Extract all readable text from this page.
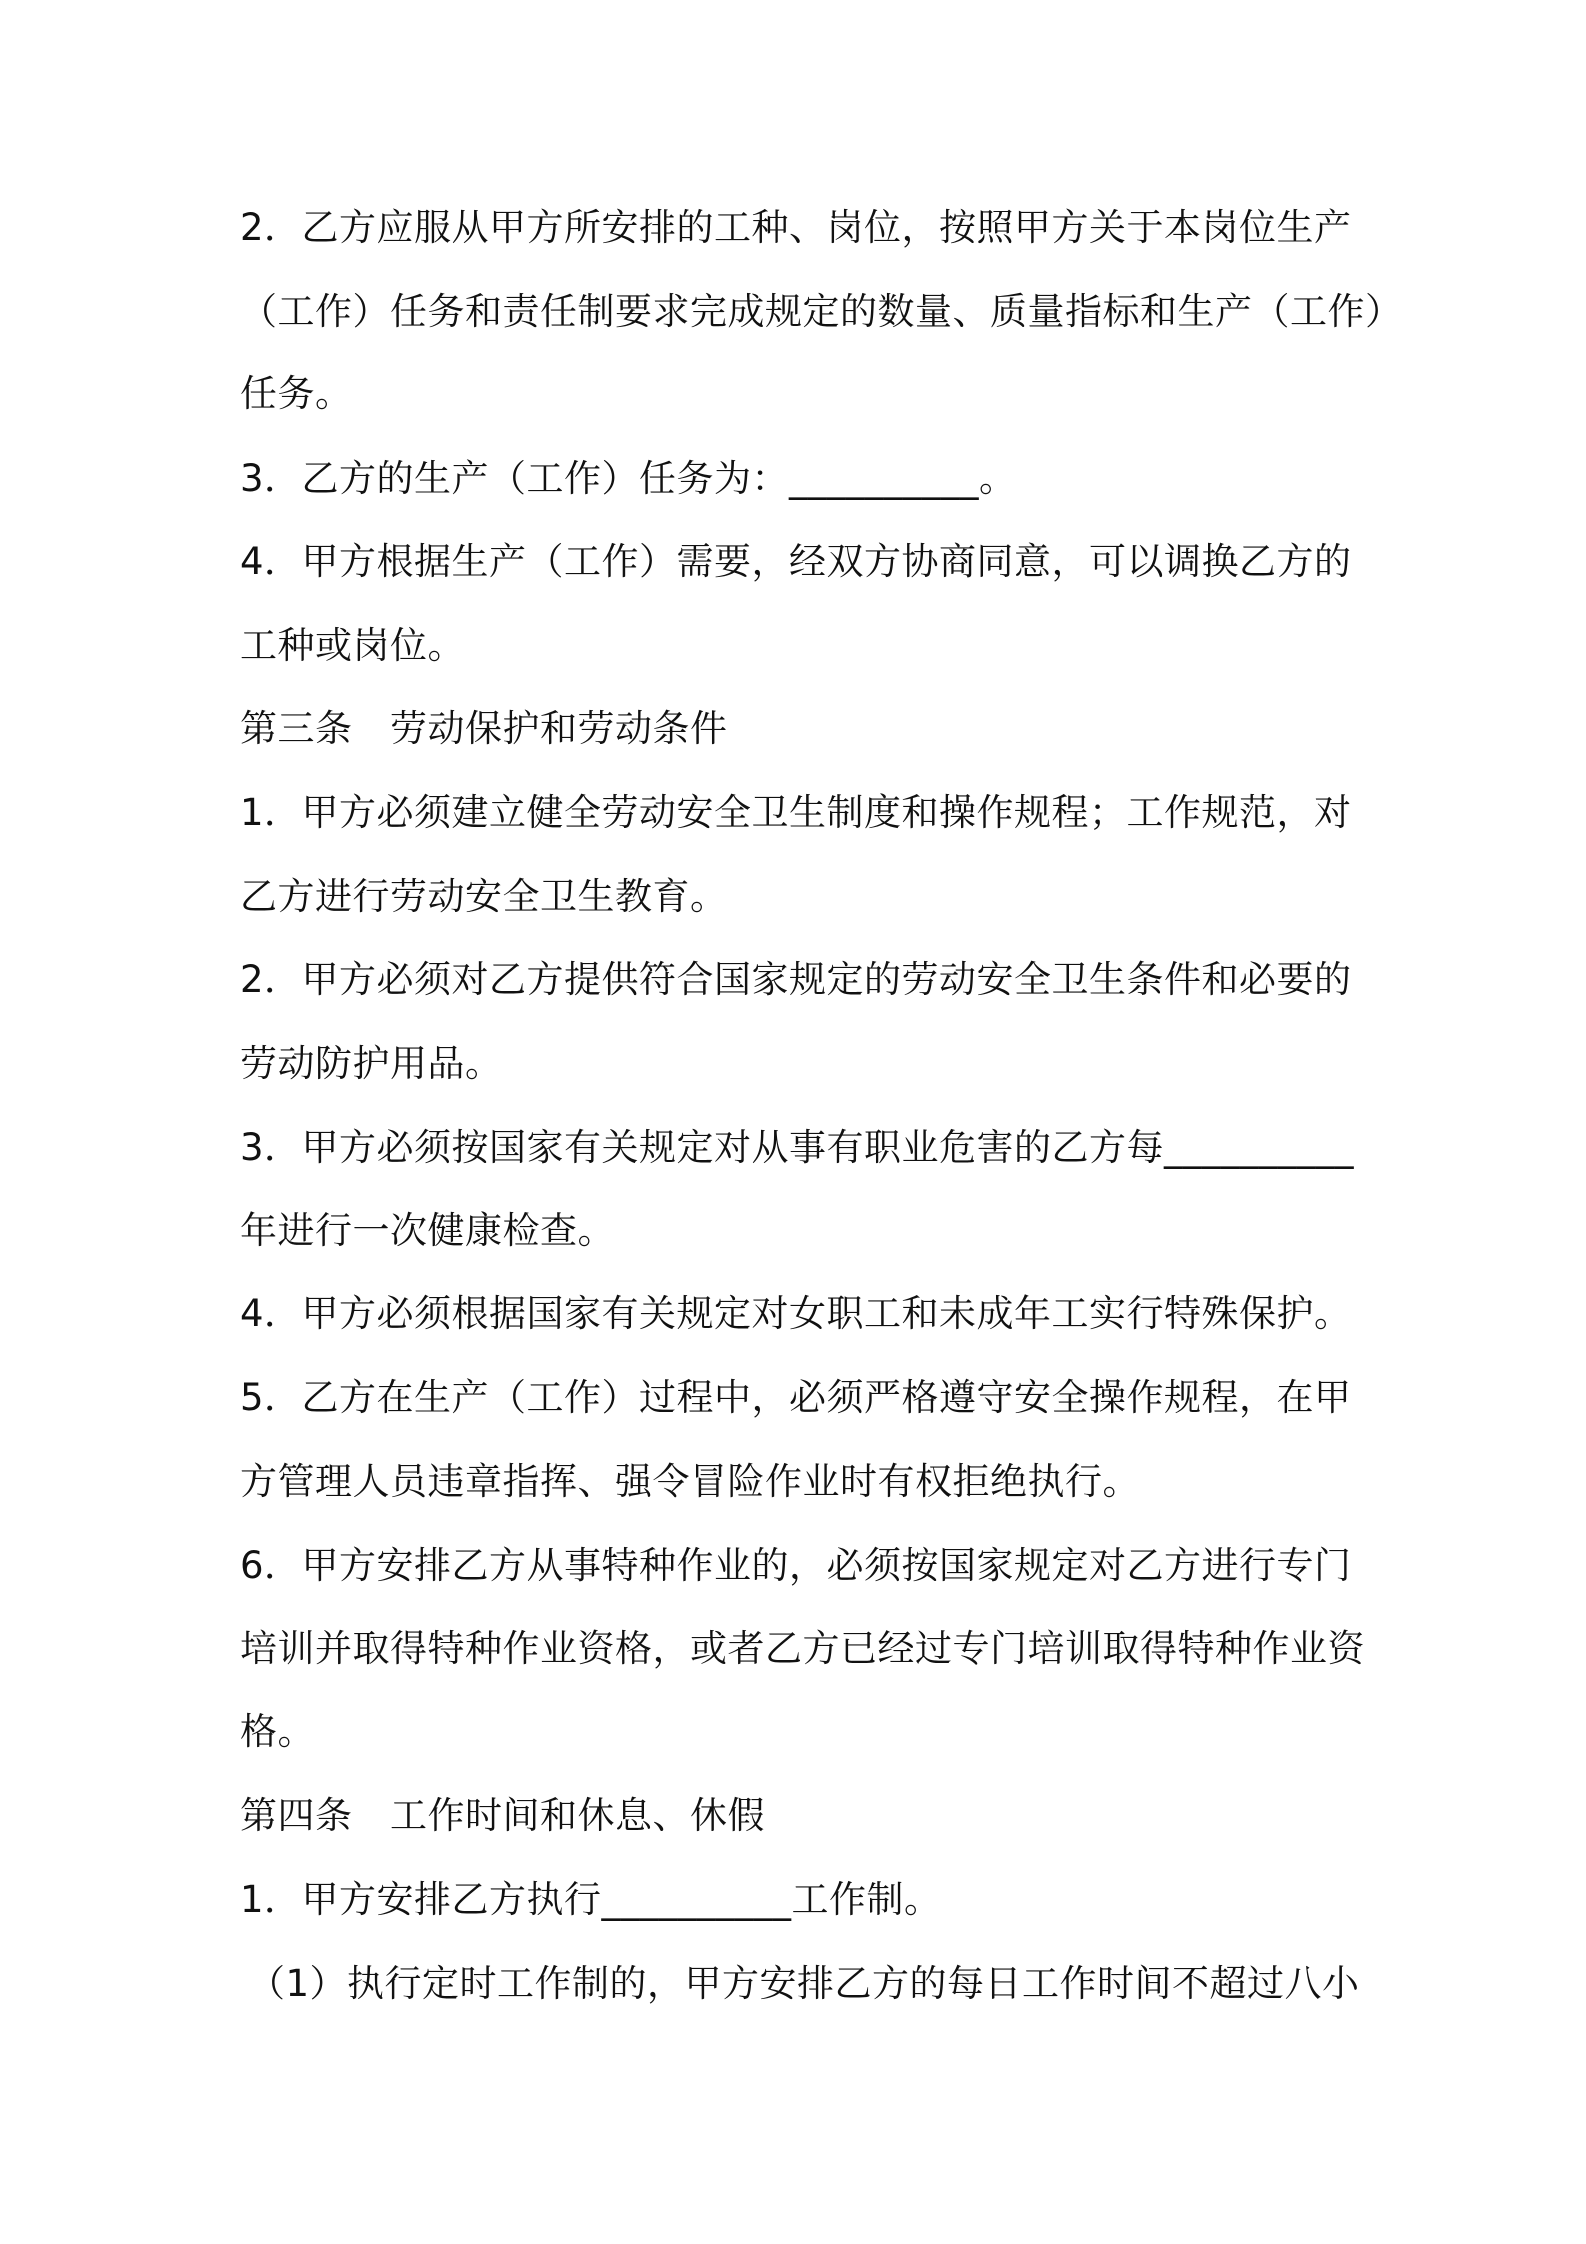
2．乙方应服从甲方所安排的工种、岗位，按照甲方关于本岗位生产
（工作）任务和责任制要求完成规定的数量、质量指标和生产（工作）
任务。
3．乙方的生产（工作）任务为：__________。
4．甲方根据生产（工作）需要，经双方协商同意，可以调换乙方的
工种或岗位。
第三条　劳动保护和劳动条件
1．甲方必须建立健全劳动安全卫生制度和操作规程；工作规范，对
乙方进行劳动安全卫生教育。
2．甲方必须对乙方提供符合国家规定的劳动安全卫生条件和必要的
劳动防护用品。
3．甲方必须按国家有关规定对从事有职业危害的乙方每__________
年进行一次健康检查。
4．甲方必须根据国家有关规定对女职工和未成年工实行特殊保护。
5．乙方在生产（工作）过程中，必须严格遵守安全操作规程，在甲
方管理人员违章指挥、强令冒险作业时有权拒绝执行。
6．甲方安排乙方从事特种作业的，必须按国家规定对乙方进行专门
培训并取得特种作业资格，或者乙方已经过专门培训取得特种作业资
格。
第四条　工作时间和休息、休假
1．甲方安排乙方执行__________工作制。
（1）执行定时工作制的，甲方安排乙方的每日工作时间不超过八小
